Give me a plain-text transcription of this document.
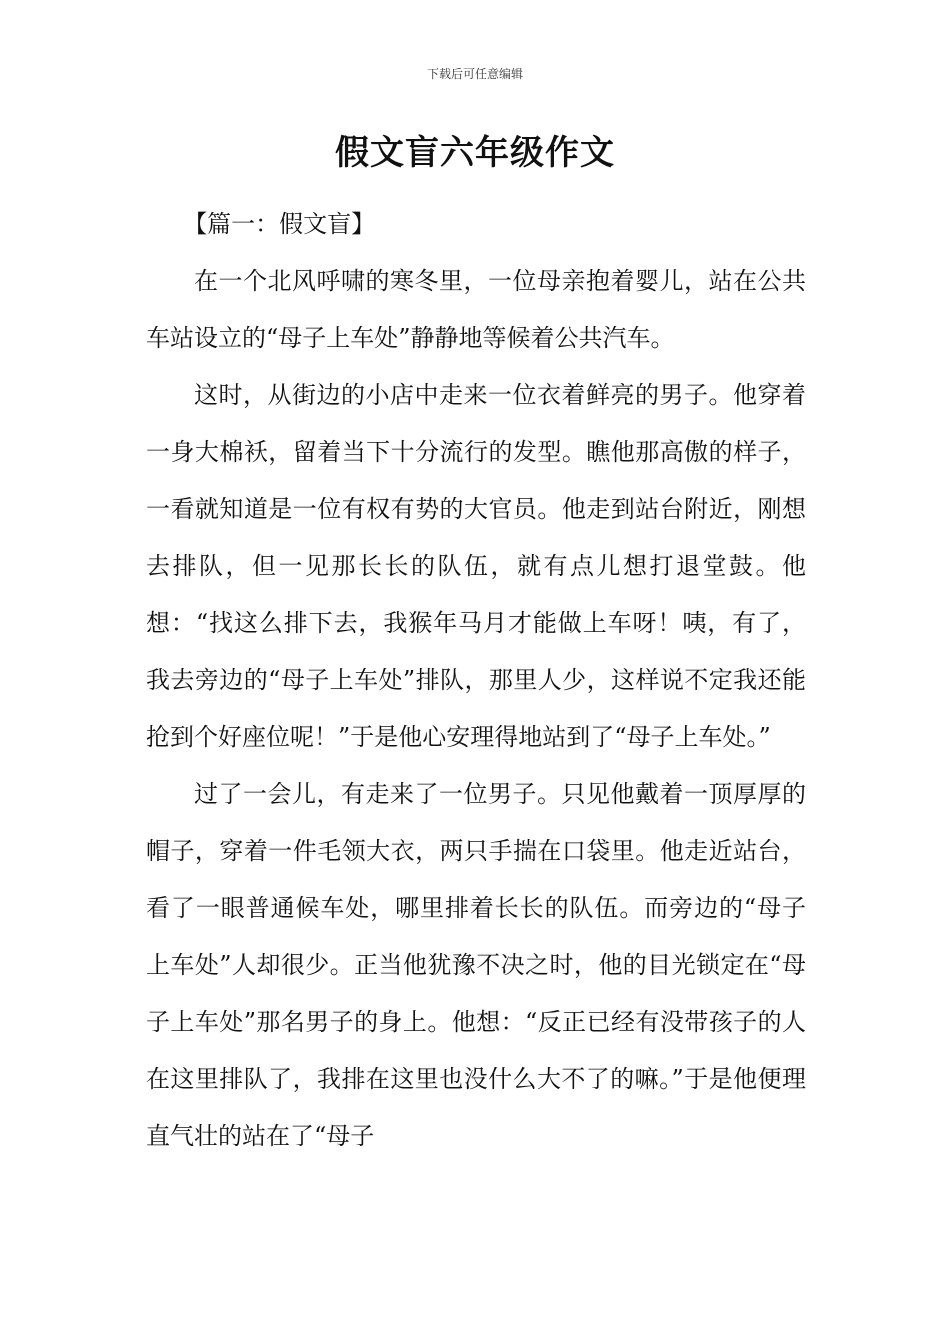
下载后可任意编辑
假文盲六年级作文

【篇一：假文盲】

在一个北风呼啸的寒冬里，一位母亲抱着婴儿，站在公共车站设立的“母子上车处”静静地等候着公共汽车。

这时，从街边的小店中走来一位衣着鲜亮的男子。他穿着一身大棉袄，留着当下十分流行的发型。瞧他那高傲的样子，一看就知道是一位有权有势的大官员。他走到站台附近，刚想去排队，但一见那长长的队伍，就有点儿想打退堂鼓。他想：“找这么排下去，我猴年马月才能做上车呀！咦，有了，我去旁边的“母子上车处”排队，那里人少，这样说不定我还能抢到个好座位呢！”于是他心安理得地站到了“母子上车处。”

过了一会儿，有走来了一位男子。只见他戴着一顶厚厚的帽子，穿着一件毛领大衣，两只手揣在口袋里。他走近站台，看了一眼普通候车处，哪里排着长长的队伍。而旁边的“母子上车处”人却很少。正当他犹豫不决之时，他的目光锁定在“母子上车处”那名男子的身上。他想：“反正已经有没带孩子的人在这里排队了，我排在这里也没什么大不了的嘛。”于是他便理直气壮的站在了“母子
